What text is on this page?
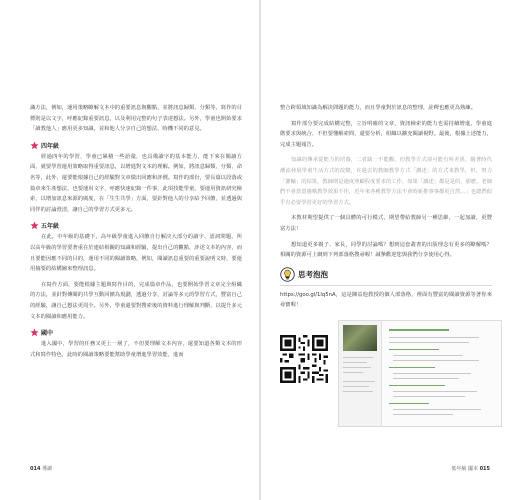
識方法，例如，運用策略瞭解文本中的重要訊息與觀點，並將訊息歸類、分類等。寫作的目標則是以文字，呼應紀錄重要訊息，以及利用完整的句子表達想法。另外，學童也開始要求「讀教他人」應用更多知識，並和他人分享自己的想法、時機不同的意見。

四年級

經過四年的學習，學童已累積一些語彙，也具備讀字的基本能力，能下來在閱讀方面，就要學習運用策略取得重要訊息，以增進對文本的理解。例如，將訊息歸類、分類、命名等，此外，還要能根據自己的經驗對文章做出回應和評價。寫作的部份，要長篇以段落或篇章來生產想法，也要運用文字，呼應快速紀錄一件事，此項技能學童，要運用資訊研究檢索，以增加訊息來源的廣度，在「生生共學」方面，要針對他人的分享給予回饋，並透過與同伴的討論澄清，讓自己的學習方式更多元。

五年級

在此，中年級的基礎下，高年級學童進入回饋自行解決大部分的讀字、語詞問題，所以高年級的學習要著重在於連結相關的知識和經驗，提出自己的觀點，評述文本的內容，而且要能因應不同的目的，運用不同的閱讀策略，例如，閱讀訊息重要的重要說明文時，要運用摘要的結構圖來整理訊息。

在寫作方面，要能根據主題與寫作目的，完成篇章作品，也要開始學習文章完全組織的方法，並針對傳閱的共學互動回饋為規劃，透過分享、討論等多元的學習方式，豐富自己的經驗，讓自己想法更周全。另外，學童還要對搜索後的資料進行理解與判斷，以提升多元文本的閱讀和應用能力。

國中

進入國中，學習的任務又更上一層了，不但要理解文本內容，還要知道各類文本的形式和寫作特色，此時的閱讀策略要能幫助學童增進學習效能，進而

014 導讀

整合跨領域知識為解決問題的能力，而且學童對於訊息的整理，詮釋也應更為熟練。

寫作部分要完成結構完整，立旨明確的文章，資訊檢索的能力也需持續增進，學童進階要求與統合、不但要懂解索問，還要分析，組織以擴充閱讀視野。最後，根據上述能力，完成主題報告。

知識的傳承從能力的培養，二者缺一不能觀，但教學方式卻可能有所差異，隨著時代潮流發展學童生活方式的改變，在過去的教師教學方式「講述」的方式來教學，但，努力「灌輸」的結果，教師則是過度照顧程度要求的工作，如果「講述」都是是的，那麼，老師們不會當當感嘆教學效果不佳，近年來各種教學方法不會時新推事事都更自然…」也總們似乎有必要學習更好的學習方式。

本教材期望提供了一個具體的可行模式，期望帶給教師另一種思維，一起加讀，更豐富方法！

想知道更多親子、家長，同學的討論嗎？想到這套叢書的出版理念有更多的瞭解嗎？相關的資源可上網到下列部落格搜尋喔！誠摯歡迎您與我們分享使用心得。

思考泡泡

https://goo.gl/1lq5nA，這是陳益他教授的個人部落格，裡面有豐富的閱讀資源等著你來尋寶喔！

低年級 國本 015
